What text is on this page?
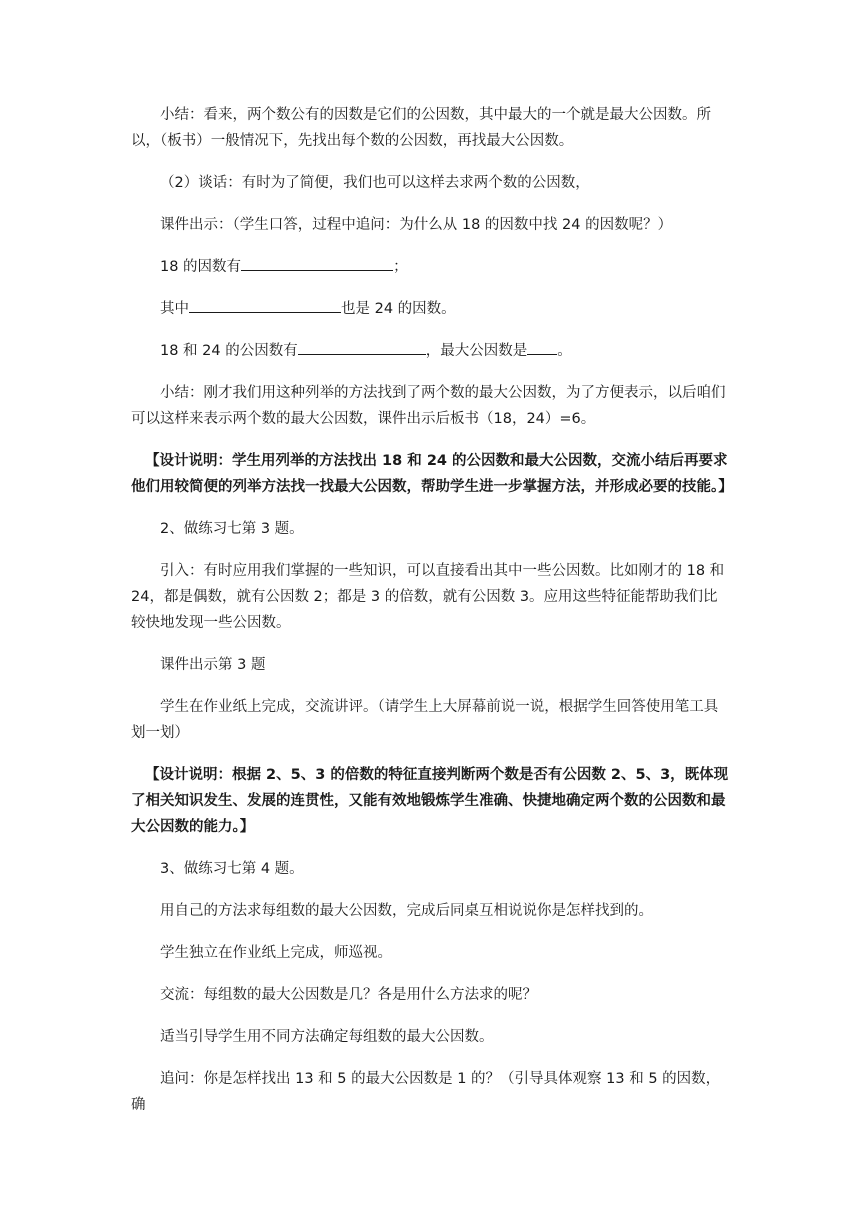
小结：看来，两个数公有的因数是它们的公因数，其中最大的一个就是最大公因数。所以，（板书）一般情况下，先找出每个数的公因数，再找最大公因数。

（2）谈话：有时为了简便，我们也可以这样去求两个数的公因数，

课件出示：（学生口答，过程中追问：为什么从 18 的因数中找 24 的因数呢？）

18 的因数有	；

其中	也是 24 的因数。

18 和 24 的公因数有	，最大公因数是 。

小结：刚才我们用这种列举的方法找到了两个数的最大公因数，为了方便表示，以后咱们可以这样来表示两个数的最大公因数，课件出示后板书（18，24）=6。

【设计说明：学生用列举的方法找出 18 和 24 的公因数和最大公因数，交流小结后再要求他们用较简便的列举方法找一找最大公因数，帮助学生进一步掌握方法，并形成必要的技能。】

2、做练习七第 3 题。

引入：有时应用我们掌握的一些知识，可以直接看出其中一些公因数。比如刚才的 18 和 24，都是偶数，就有公因数 2；都是 3 的倍数，就有公因数 3。应用这些特征能帮助我们比较快地发现一些公因数。

课件出示第 3 题

学生在作业纸上完成，交流讲评。（请学生上大屏幕前说一说，根据学生回答使用笔工具划一划）

【设计说明：根据 2、5、3 的倍数的特征直接判断两个数是否有公因数 2、5、3，既体现了相关知识发生、发展的连贯性，又能有效地锻炼学生准确、快捷地确定两个数的公因数和最大公因数的能力。】

3、做练习七第 4 题。

用自己的方法求每组数的最大公因数，完成后同桌互相说说你是怎样找到的。

学生独立在作业纸上完成，师巡视。

交流：每组数的最大公因数是几？各是用什么方法求的呢？

适当引导学生用不同方法确定每组数的最大公因数。

追问：你是怎样找出 13 和 5 的最大公因数是 1 的？（引导具体观察 13 和 5 的因数，确
